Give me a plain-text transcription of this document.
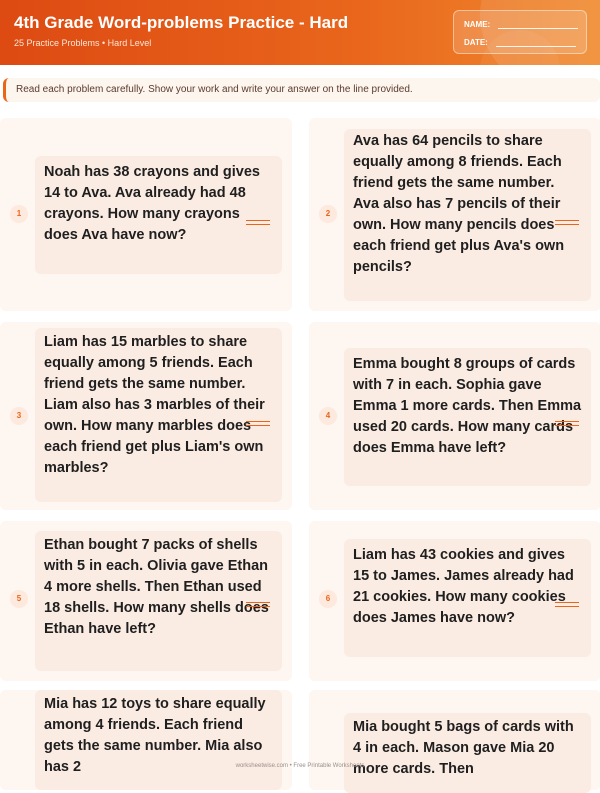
4th Grade Word-problems Practice - Hard
25 Practice Problems • Hard Level
NAME:
DATE:
Read each problem carefully. Show your work and write your answer on the line provided.
1
Noah has 38 crayons and gives 14 to Ava. Ava already had 48 crayons. How many crayons does Ava have now?
2
Ava has 64 pencils to share equally among 8 friends. Each friend gets the same number. Ava also has 7 pencils of their own. How many pencils does each friend get plus Ava's own pencils?
3
Liam has 15 marbles to share equally among 5 friends. Each friend gets the same number. Liam also has 3 marbles of their own. How many marbles does each friend get plus Liam's own marbles?
4
Emma bought 8 groups of cards with 7 in each. Sophia gave Emma 1 more cards. Then Emma used 20 cards. How many cards does Emma have left?
5
Ethan bought 7 packs of shells with 5 in each. Olivia gave Ethan 4 more shells. Then Ethan used 18 shells. How many shells does Ethan have left?
6
Liam has 43 cookies and gives 15 to James. James already had 21 cookies. How many cookies does James have now?
Mia has 12 toys to share equally among 4 friends. Each friend gets the same number. Mia also has 2
Mia bought 5 bags of cards with 4 in each. Mason gave Mia 20 more cards. Then
worksheetwise.com • Free Printable Worksheets
